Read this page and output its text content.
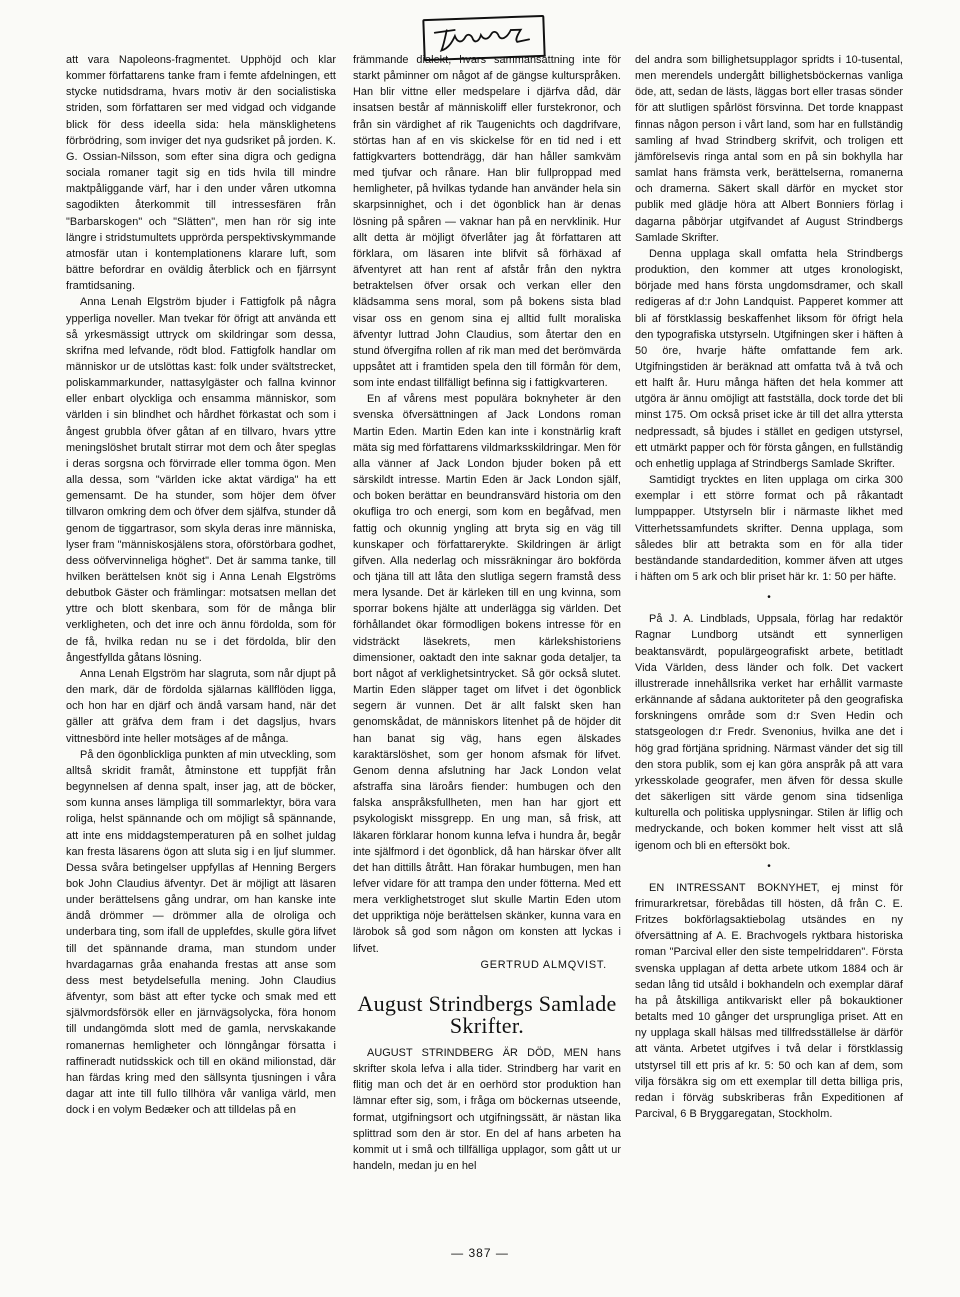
att vara Napoleons-fragmentet. Upphöjd och klar kommer författarens tanke fram i femte afdelningen, ett stycke nutidsdrama, hvars motiv är den socialistiska striden, som författaren ser med vidgad och vidgande blick för dess ideella sida: hela mänsklighetens förbrödring, som inviger det nya gudsriket på jorden. K. G. Ossian-Nilsson, som efter sina digra och gedigna sociala romaner tagit sig en tids hvila till mindre maktpåliggande värf, har i den under våren utkomna sagodikten återkommit till intressesfären från "Barbarskogen" och "Slätten", men han rör sig inte längre i stridstumultets upprörda perspektivskymmande atmosfär utan i kontemplationens klarare luft, som bättre befordrar en oväldig återblick och en fjärrsynt framtidsaning.

Anna Lenah Elgström bjuder i Fattigfolk på några ypperliga noveller. Man tvekar för öfrigt att använda ett så yrkesmässigt uttryck om skildringar som dessa, skrifna med lefvande, rödt blod. Fattigfolk handlar om människor ur de utslöttas kast: folk under svältstrecket, poliskammarkunder, nattasylgäster och fallna kvinnor eller enbart olyckliga och ensamma människor, som världen i sin blindhet och hårdhet förkastat och som i ångest grubbla öfver gåtan af en tillvaro, hvars yttre meningslöshet brutalt stirrar mot dem och åter speglas i deras sorgsna och förvirrade eller tomma ögon. Men alla dessa, som "världen icke aktat värdiga" ha ett gemensamt. De ha stunder, som höjer dem öfver tillvaron omkring dem och öfver dem själfva, stunder då genom de tiggartrasor, som skyla deras inre människa, lyser fram "människosjälens stora, oförstörbara godhet, dess oöfvervinneliga höghet". Det är samma tanke, till hvilken berättelsen knöt sig i Anna Lenah Elgströms debutbok Gäster och främlingar: motsatsen mellan det yttre och blott skenbara, som för de många blir verkligheten, och det inre och ännu fördolda, som för de få, hvilka redan nu se i det fördolda, blir den ångestfyllda gåtans lösning.

Anna Lenah Elgström har slagruta, som når djupt på den mark, där de fördolda själarnas källflöden ligga, och hon har en djärf och ändå varsam hand, när det gäller att gräfva dem fram i det dagsljus, hvars vittnesbörd inte heller motsäges af de många.

På den ögonblickliga punkten af min utveckling, som alltså skridit framåt, åtminstone ett tuppfjät från begynnelsen af denna spalt, inser jag, att de böcker, som kunna anses lämpliga till sommarlektyr, böra vara roliga, helst spännande och om möjligt så spännande, att inte ens middagstemperaturen på en solhet juldag kan fresta läsarens ögon att sluta sig i en ljuf slummer. Dessa svåra betingelser uppfyllas af Henning Bergers bok John Claudius äfventyr. Det är möjligt att läsaren under berättelsens gång undrar, om han kanske inte ändå drömmer — drömmer alla de olroliga och underbara ting, som ifall de upplefdes, skulle göra lifvet till det spännande drama, man stundom under hvardagarnas gråa enahanda frestas att anse som dess mest betydelsefulla mening. John Claudius äfventyr, som bäst att efter tycke och smak med ett självmordsförsök eller en järnvägsolycka, föra honom till undangömda slott med de gamla, nervskakande romanernas hemligheter och lönngångar försatta i raffineradt nutidsskick och till en okänd milionstad, där han färdas kring med den sällsynta tjusningen i våra dagar att inte till fullo tillhöra vår vanliga värld, men dock i en volym Bedæker och att tilldelas på en

främmande dialekt, hvars sammansättning inte för starkt påminner om något af de gängse kulturspråken. Han blir vittne eller medspelare i djärfva dåd, där insatsen består af människoliff eller furstekronor, och från sin värdighet af rik Taugenichts och dagdrifvare, störtas han af en vis skickelse för en tid ned i ett fattigkvarters bottendrägg, där han håller samkväm med tjufvar och rånare. Han blir fullproppad med hemligheter, på hvilkas tydande han använder hela sin skarpsinnighet, och i det ögonblick han är denas lösning på spåren — vaknar han på en nervklinik. Hur allt detta är möjligt öfverlåter jag åt författaren att förklara, om läsaren inte blifvit så förhäxad af äfventyret att han rent af afstår från den nyktra betraktelsen öfver orsak och verkan eller den klädsamma sens moral, som på bokens sista blad visar oss en genom sina ej alltid fullt moraliska äfventyr luttrad John Claudius, som återtar den en stund öfvergifna rollen af rik man med det berömvärda uppsåtet att i framtiden spela den till förmån för dem, som inte endast tillfälligt befinna sig i fattigkvarteren.

En af vårens mest populära boknyheter är den svenska öfversättningen af Jack Londons roman Martin Eden. Martin Eden kan inte i konstnärlig kraft mäta sig med författarens vildmarksskildringar. Men för alla vänner af Jack London bjuder boken på ett särskildt intresse. Martin Eden är Jack London själf, och boken berättar en beundransvärd historia om den okufliga tro och energi, som kom en begåfvad, men fattig och okunnig yngling att bryta sig en väg till kunskaper och författarerykte. Skildringen är ärligt gifven. Alla nederlag och missräkningar äro bokförda och tjäna till att låta den slutliga segern framstå dess mera lysande. Det är kärleken till en ung kvinna, som sporrar bokens hjälte att underlägga sig världen. Det förhållandet ökar förmodligen bokens intresse för en vidsträckt läsekrets, men kärlekshistoriens dimensioner, oaktadt den inte saknar goda detaljer, ta bort något af verklighetsintrycket. Så gör också slutet. Martin Eden släpper taget om lifvet i det ögonblick segern är vunnen. Det är allt falskt sken han genomskådat, de människors litenhet på de höjder dit han banat sig väg, hans egen älskades karaktärslöshet, som ger honom afsmak för lifvet. Genom denna afslutning har Jack London velat afstraffa sina läroårs fiender: humbugen och den falska anspråksfullheten, men han har gjort ett psykologiskt missgrepp. En ung man, så frisk, att läkaren förklarar honom kunna lefva i hundra år, begår inte själfmord i det ögonblick, då han härskar öfver allt det han dittills åtrått. Han förakar humbugen, men han lefver vidare för att trampa den under fötterna. Med ett mera verklighetstroget slut skulle Martin Eden utom det uppriktiga nöje berättelsen skänker, kunna vara en lärobok så god som någon om konsten att lyckas i lifvet.

GERTRUD ALMQVIST.

August Strindbergs Samlade Skrifter.

AUGUST STRINDBERG ÄR DÖD, MEN hans skrifter skola lefva i alla tider. Strindberg har varit en flitig man och det är en oerhörd stor produktion han lämnar efter sig, som, i fråga om böckernas utseende, format, utgifningsort och utgifningssätt, är nästan lika splittrad som den är stor. En del af hans arbeten ha kommit ut i små och tillfälliga upplagor, som gått ut ur handeln, medan ju en hel

del andra som billighetsupplagor spridts i 10-tusental, men merendels undergått billighetsböckernas vanliga öde, att, sedan de lästs, läggas bort eller trasas sönder för att slutligen spårlöst försvinna. Det torde knappast finnas någon person i vårt land, som har en fullständig samling af hvad Strindberg skrifvit, och troligen ett jämförelsevis ringa antal som en på sin bokhylla har samlat hans främsta verk, berättelserna, romanerna och dramerna. Säkert skall därför en mycket stor publik med glädje höra att Albert Bonniers förlag i dagarna påbörjar utgifvandet af August Strindbergs Samlade Skrifter.

Denna upplaga skall omfatta hela Strindbergs produktion, den kommer att utges kronologiskt, började med hans första ungdomsdramer, och skall redigeras af d:r John Landquist. Papperet kommer att bli af förstklassig beskaffenhet liksom för öfrigt hela den typografiska utstyrseln. Utgifningen sker i häften à 50 öre, hvarje häfte omfattande fem ark. Utgifningstiden är beräknad att omfatta två à två och ett halft år. Huru många häften det hela kommer att utgöra är ännu omöjligt att fastställa, dock torde det bli minst 175. Om också priset icke är till det allra yttersta nedpressadt, så bjudes i stället en gedigen utstyrsel, ett utmärkt papper och för första gången, en fullständig och enhetlig upplaga af Strindbergs Samlade Skrifter.

Samtidigt trycktes en liten upplaga om cirka 300 exemplar i ett större format och på råkantadt lumppapper. Utstyrseln blir i närmaste likhet med Vitterhetssamfundets skrifter. Denna upplaga, som således blir att betrakta som en för alla tider beständande standardedition, kommer äfven att utges i häften om 5 ark och blir priset här kr. 1: 50 per häfte.

•

På J. A. Lindblads, Uppsala, förlag har redaktör Ragnar Lundborg utsändt ett synnerligen beaktansvärdt, populärgeografiskt arbete, betitladt Vida Världen, dess länder och folk. Det vackert illustrerade innehållsrika verket har erhållit varmaste erkännande af sådana auktoriteter på den geografiska forskningens område som d:r Sven Hedin och statsgeologen d:r Fredr. Svenonius, hvilka ane det i hög grad förtjäna spridning. Närmast vänder det sig till den stora publik, som ej kan göra anspråk på att vara yrkesskolade geografer, men äfven för dessa skulle det säkerligen sitt värde genom sina tidsenliga kulturella och politiska upplysningar. Stilen är liflig och medryckande, och boken kommer helt visst att slå igenom och bli en eftersökt bok.

•

EN INTRESSANT BOKNYHET, ej minst för frimurarkretsar, förebådas till hösten, då från C. E. Fritzes bokförlagsaktiebolag utsändes en ny öfversättning af A. E. Brachvogels ryktbara historiska roman "Parcival eller den siste tempelriddaren". Första svenska upplagan af detta arbete utkom 1884 och är sedan lång tid utsåld i bokhandeln och exemplar däraf ha på åtskilliga antikvariskt eller på bokauktioner betalts med 10 gånger det ursprungliga priset. Att en ny upplaga skall hälsas med tillfredsställelse är därför att vänta. Arbetet utgifves i två delar i förstklassig utstyrsel till ett pris af kr. 5: 50 och kan af dem, som vilja försäkra sig om ett exemplar till detta billiga pris, redan i förväg subskriberas från Expeditionen af Parcival, 6 B Bryggaregatan, Stockholm.

— 387 —
